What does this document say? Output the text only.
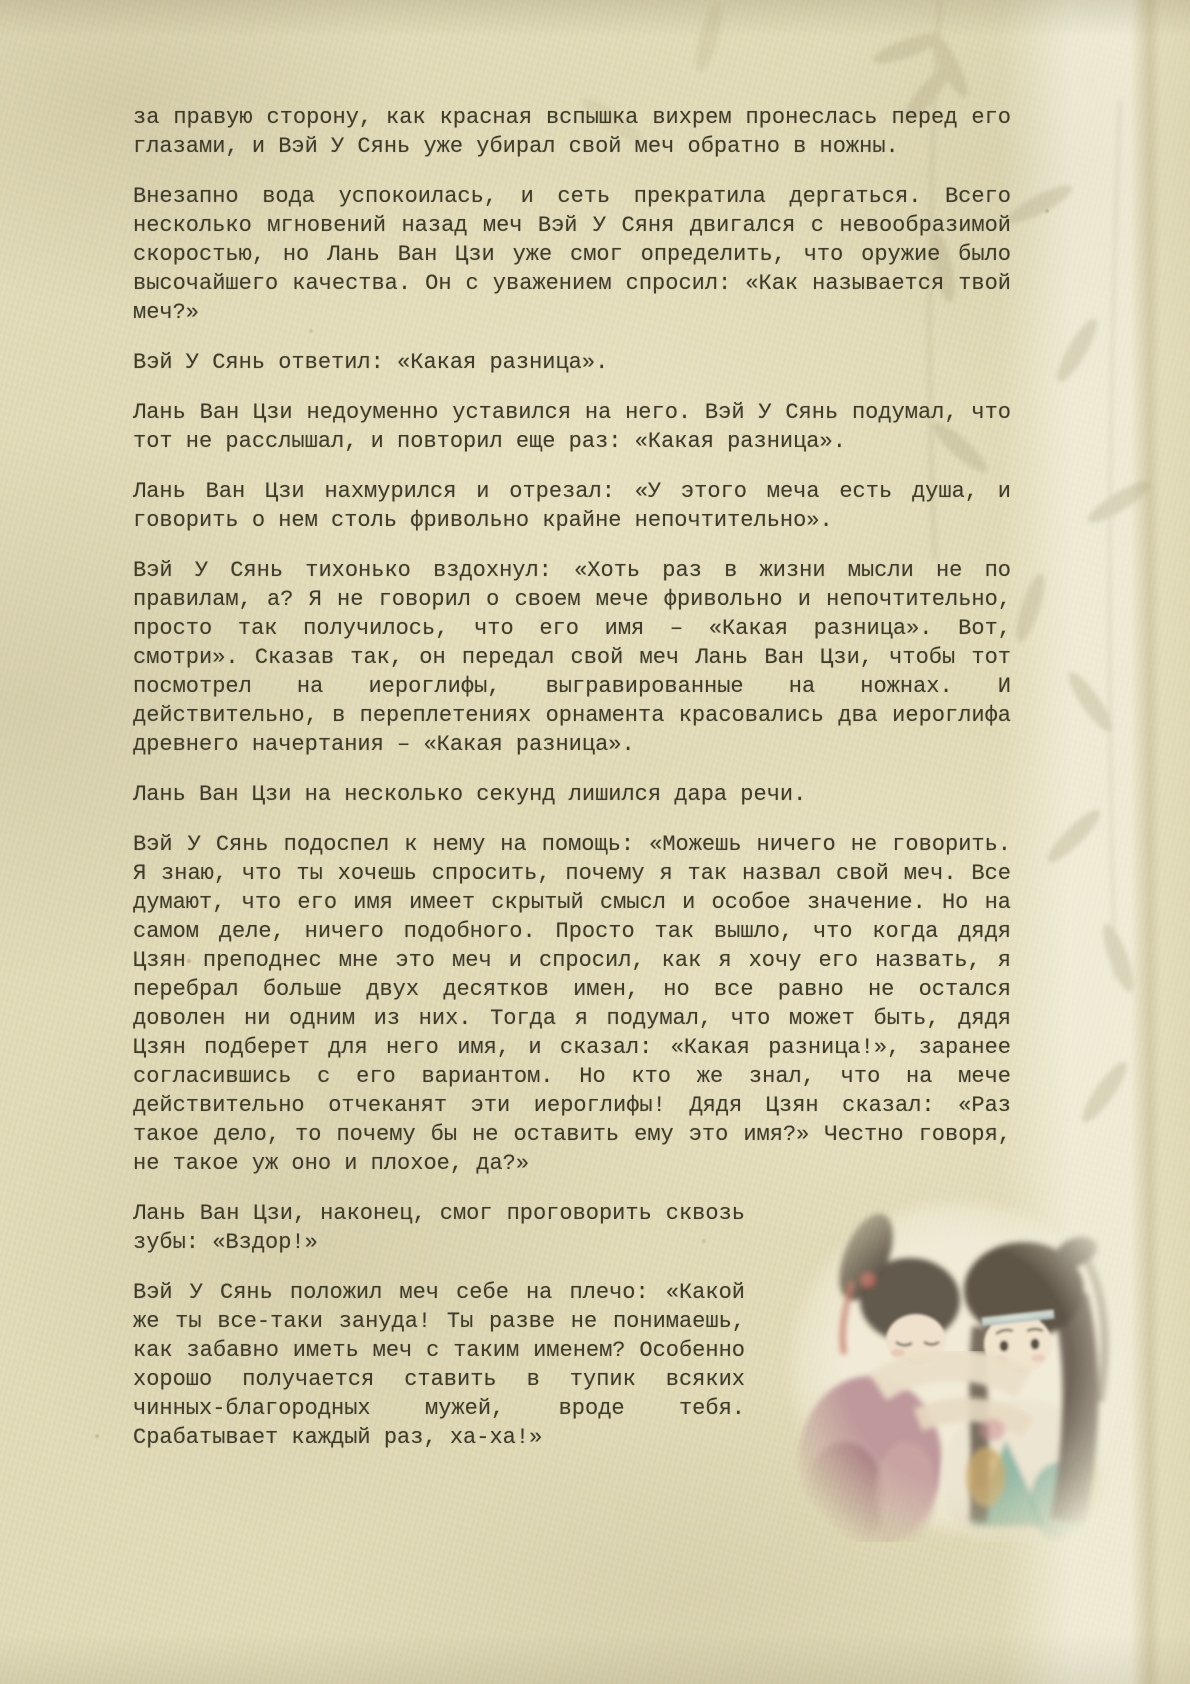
за правую сторону, как красная вспышка вихрем пронеслась перед его глазами, и Вэй У Сянь уже убирал свой меч обратно в ножны.

Внезапно вода успокоилась, и сеть прекратила дергаться. Всего несколько мгновений назад меч Вэй У Сяня двигался с невообразимой скоростью, но Лань Ван Цзи уже смог определить, что оружие было высочайшего качества. Он с уважением спросил: «Как называется твой меч?»

Вэй У Сянь ответил: «Какая разница».

Лань Ван Цзи недоуменно уставился на него. Вэй У Сянь подумал, что тот не расслышал, и повторил еще раз: «Какая разница».

Лань Ван Цзи нахмурился и отрезал: «У этого меча есть душа, и говорить о нем столь фривольно крайне непочтительно».

Вэй У Сянь тихонько вздохнул: «Хоть раз в жизни мысли не по правилам, а? Я не говорил о своем мече фривольно и непочтительно, просто так получилось, что его имя – «Какая разница». Вот, смотри». Сказав так, он передал свой меч Лань Ван Цзи, чтобы тот посмотрел на иероглифы, выгравированные на ножнах. И действительно, в переплетениях орнамента красовались два иероглифа древнего начертания – «Какая разница».

Лань Ван Цзи на несколько секунд лишился дара речи.

Вэй У Сянь подоспел к нему на помощь: «Можешь ничего не говорить. Я знаю, что ты хочешь спросить, почему я так назвал свой меч. Все думают, что его имя имеет скрытый смысл и особое значение. Но на самом деле, ничего подобного. Просто так вышло, что когда дядя Цзян преподнес мне это меч и спросил, как я хочу его назвать, я перебрал больше двух десятков имен, но все равно не остался доволен ни одним из них. Тогда я подумал, что может быть, дядя Цзян подберет для него имя, и сказал: «Какая разница!», заранее согласившись с его вариантом. Но кто же знал, что на мече действительно отчеканят эти иероглифы! Дядя Цзян сказал: «Раз такое дело, то почему бы не оставить ему это имя?» Честно говоря, не такое уж оно и плохое, да?»

Лань Ван Цзи, наконец, смог проговорить сквозь зубы: «Вздор!»

Вэй У Сянь положил меч себе на плечо: «Какой же ты все-таки зануда! Ты разве не понимаешь, как забавно иметь меч с таким именем? Особенно хорошо получается ставить в тупик всяких чинных-благородных мужей, вроде тебя. Срабатывает каждый раз, ха-ха!»
